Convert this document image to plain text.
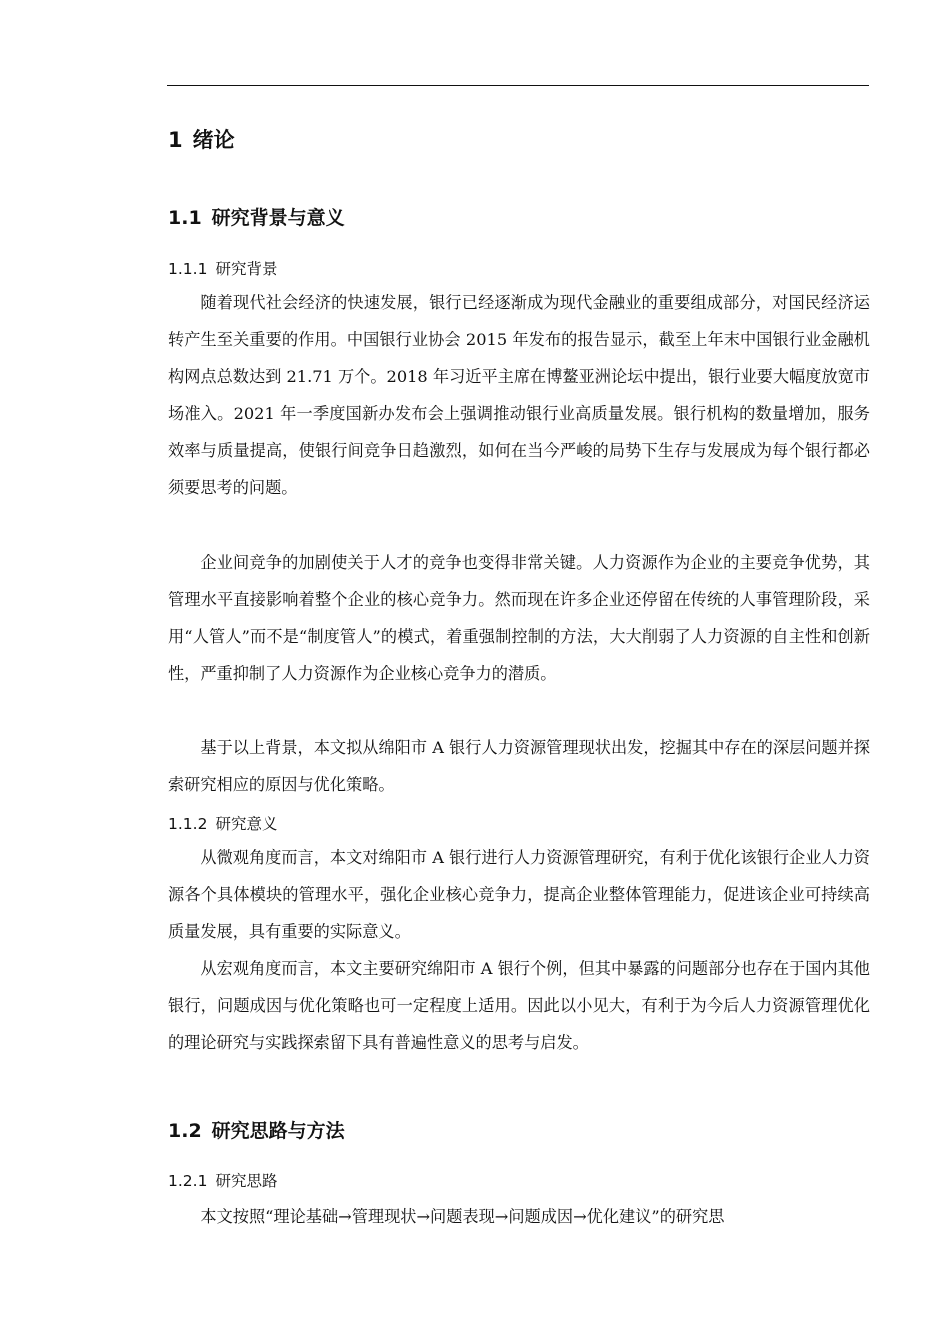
1 绪论
1.1 研究背景与意义
1.1.1 研究背景

随着现代社会经济的快速发展，银行已经逐渐成为现代金融业的重要组成部分，对国民经济运转产生至关重要的作用。中国银行业协会 2015 年发布的报告显示，截至上年末中国银行业金融机构网点总数达到 21.71 万个。2018 年习近平主席在博鳌亚洲论坛中提出，银行业要大幅度放宽市场准入。2021 年一季度国新办发布会上强调推动银行业高质量发展。银行机构的数量增加，服务效率与质量提高，使银行间竞争日趋激烈，如何在当今严峻的局势下生存与发展成为每个银行都必须要思考的问题。

企业间竞争的加剧使关于人才的竞争也变得非常关键。人力资源作为企业的主要竞争优势，其管理水平直接影响着整个企业的核心竞争力。然而现在许多企业还停留在传统的人事管理阶段，采用“人管人”而不是“制度管人”的模式，着重强制控制的方法，大大削弱了人力资源的自主性和创新性，严重抑制了人力资源作为企业核心竞争力的潜质。

基于以上背景，本文拟从绵阳市 A 银行人力资源管理现状出发，挖掘其中存在的深层问题并探索研究相应的原因与优化策略。

1.1.2 研究意义

从微观角度而言，本文对绵阳市 A 银行进行人力资源管理研究，有利于优化该银行企业人力资源各个具体模块的管理水平，强化企业核心竞争力，提高企业整体管理能力，促进该企业可持续高质量发展，具有重要的实际意义。

从宏观角度而言，本文主要研究绵阳市 A 银行个例，但其中暴露的问题部分也存在于国内其他银行，问题成因与优化策略也可一定程度上适用。因此以小见大，有利于为今后人力资源管理优化的理论研究与实践探索留下具有普遍性意义的思考与启发。

1.2 研究思路与方法
1.2.1 研究思路

本文按照“理论基础→管理现状→问题表现→问题成因→优化建议”的研究思
